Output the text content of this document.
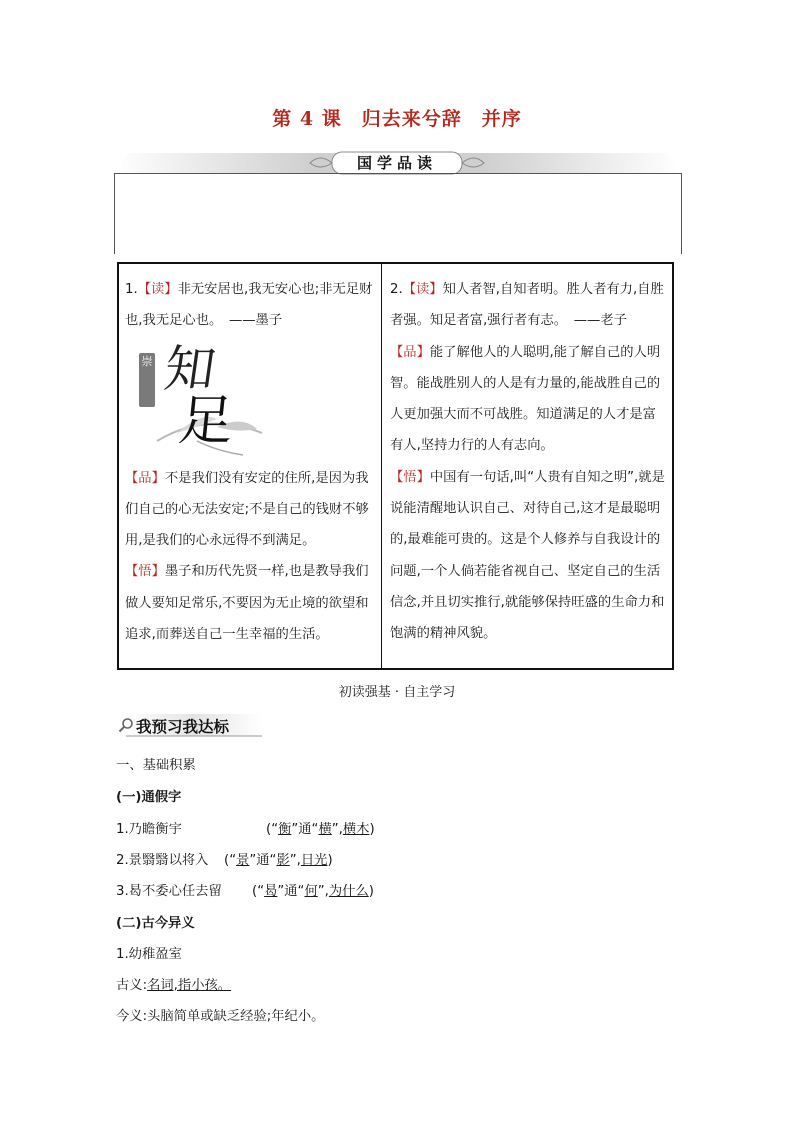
第 4 课　归去来兮辞　并序
国学品读

1.【读】非无安居也,我无安心也;非无足财也,我无足心也。　——墨子

崇 知
足

【品】不是我们没有安定的住所,是因为我们自己的心无法安定;不是自己的钱财不够用,是我们的心永远得不到满足。

【悟】墨子和历代先贤一样,也是教导我们做人要知足常乐,不要因为无止境的欲望和追求,而葬送自己一生幸福的生活。

2.【读】知人者智,自知者明。胜人者有力,自胜者强。知足者富,强行者有志。　——老子

【品】能了解他人的人聪明,能了解自己的人明智。能战胜别人的人是有力量的,能战胜自己的人更加强大而不可战胜。知道满足的人才是富有人,坚持力行的人有志向。

【悟】中国有一句话,叫“人贵有自知之明”,就是说能清醒地认识自己、对待自己,这才是最聪明的,最难能可贵的。这是个人修养与自我设计的问题,一个人倘若能省视自己、坚定自己的生活信念,并且切实推行,就能够保持旺盛的生命力和饱满的精神风貌。

初读强基 · 自主学习
我预习我达标
一、基础积累
(一)通假字
1.乃瞻衡宇	(“衡”通“横”,横木)
2.景翳翳以将入 (“景”通“影”,日光)
3.曷不委心任去留 (“曷”通“何”,为什么)
(二)古今异义
1.幼稚盈室
古义:名词,指小孩。
今义:头脑简单或缺乏经验;年纪小。
